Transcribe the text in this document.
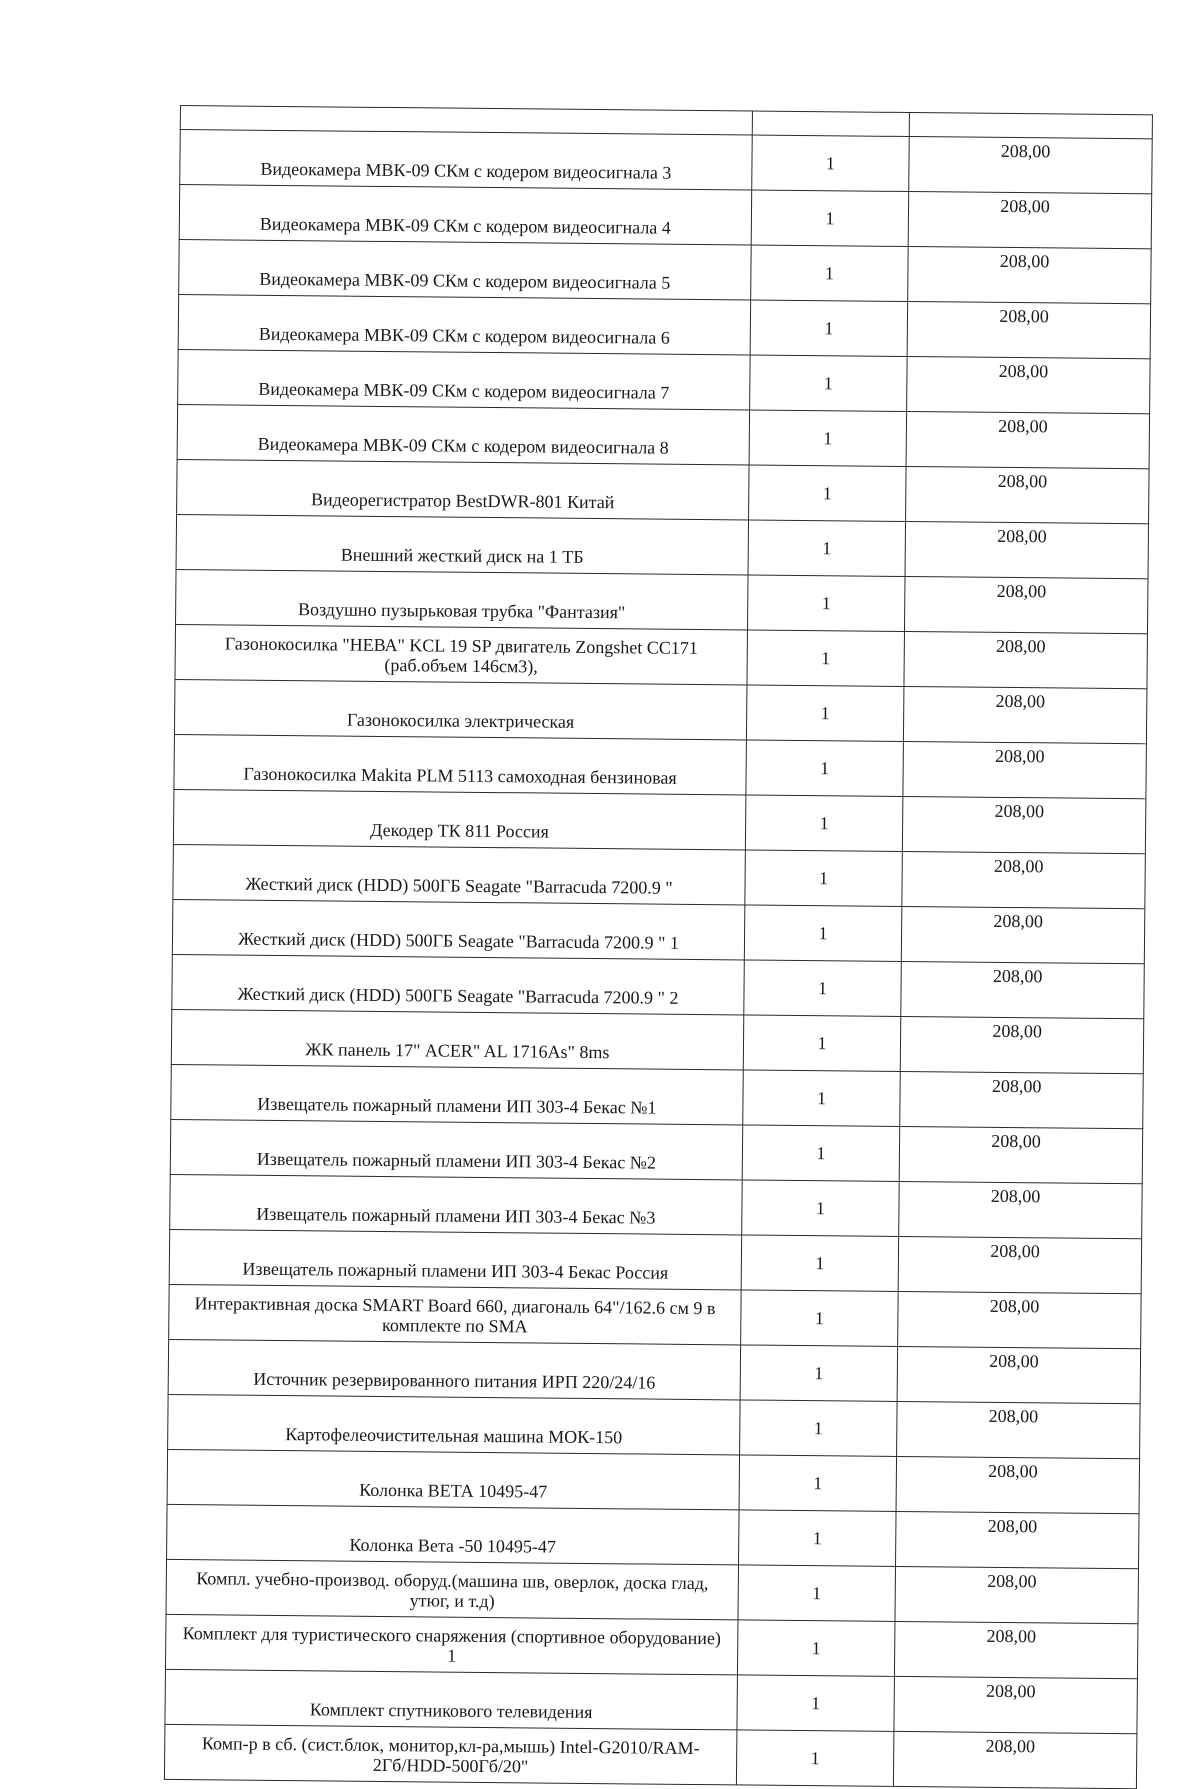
Видеокамера МВК-09 СКм с кодером видеосигнала 3	1	208,00
Видеокамера МВК-09 СКм с кодером видеосигнала 4	1	208,00
Видеокамера МВК-09 СКм с кодером видеосигнала 5	1	208,00
Видеокамера МВК-09 СКм с кодером видеосигнала 6	1	208,00
Видеокамера МВК-09 СКм с кодером видеосигнала 7	1	208,00
Видеокамера МВК-09 СКм с кодером видеосигнала 8	1	208,00
Видеорегистратор BestDWR-801 Китай	1	208,00
Внешний жесткий диск на 1 ТБ	1	208,00
Воздушно пузырьковая трубка "Фантазия"	1	208,00
Газонокосилка "НЕВА" KCL 19 SP двигатель Zongshet CC171 (раб.объем 146см3),	1	208,00
Газонокосилка электрическая	1	208,00
Газонокосилка Makita PLM 5113 самоходная бензиновая	1	208,00
Декодер ТК 811 Россия	1	208,00
Жесткий диск (HDD) 500ГБ Seagate "Barracuda 7200.9 "	1	208,00
Жесткий диск (HDD) 500ГБ Seagate "Barracuda 7200.9 " 1	1	208,00
Жесткий диск (HDD) 500ГБ Seagate "Barracuda 7200.9 " 2	1	208,00
ЖК панель 17" ACER" AL 1716As" 8ms	1	208,00
Извещатель пожарный пламени ИП 303-4 Бекас №1	1	208,00
Извещатель пожарный пламени ИП 303-4 Бекас №2	1	208,00
Извещатель пожарный пламени ИП 303-4 Бекас №3	1	208,00
Извещатель пожарный пламени ИП 303-4 Бекас Россия	1	208,00
Интерактивная доска SMART Board 660, диагональ 64"/162.6 см 9 в комплекте по SMA	1	208,00
Источник резервированного питания ИРП 220/24/16	1	208,00
Картофелеочистительная машина МОК-150	1	208,00
Колонка ВЕТА 10495-47	1	208,00
Колонка Вета -50 10495-47	1	208,00
Компл. учебно-производ. оборуд.(машина шв, оверлок, доска глад, утюг, и т.д)	1	208,00
Комплект для туристического снаряжения (спортивное оборудование) 1	1	208,00
Комплект спутникового телевидения	1	208,00
Комп-р в сб. (сист.блок, монитор,кл-ра,мышь) Intel-G2010/RAM-2Гб/HDD-500Гб/20"	1	208,00
